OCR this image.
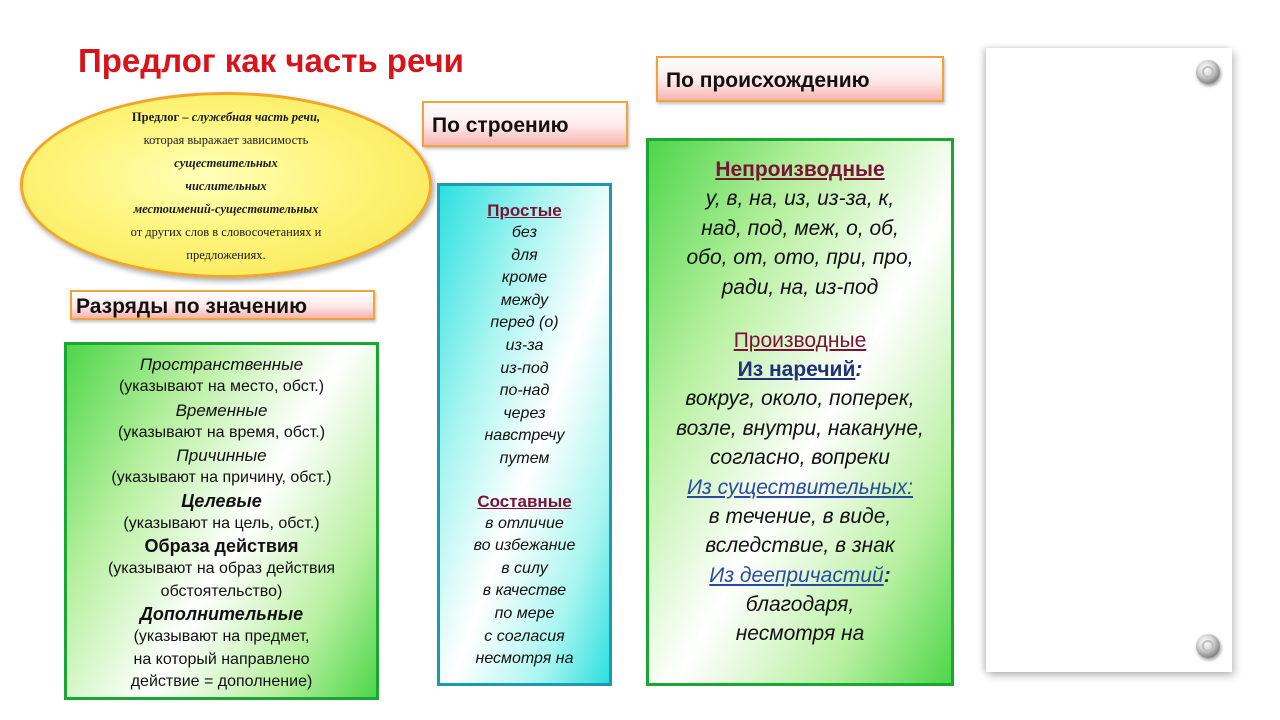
Предлог как часть речи
Предлог – служебная часть речи,
которая выражает зависимость
существительных
числительных
местоимений-существительных
от других слов в словосочетаниях и
предложениях.
Разряды по значению
По строению
По происхождению
Пространственные
(указывают на место, обст.)
Временные
(указывают на время, обст.)
Причинные
(указывают на причину, обст.)
Целевые
(указывают на цель, обст.)
Образа действия
(указывают на образ действия
обстоятельство)
Дополнительные
(указывают на предмет,
на который направлено
действие = дополнение)
Простые
без
для
кроме
между
перед (о)
из-за
из-под
по-над
через
навстречу
путем
Составные
в отличие
во избежание
в силу
в качестве
по мере
с согласия
несмотря на
Непроизводные
у, в, на, из, из-за, к,
над, под, меж, о, об,
обо, от, ото, при, про,
ради, на, из-под
Производные
Из наречий:
вокруг, около, поперек,
возле, внутри, накануне,
согласно, вопреки
Из существительных:
в течение, в виде,
вследствие, в знак
Из деепричастий:
благодаря,
несмотря на
